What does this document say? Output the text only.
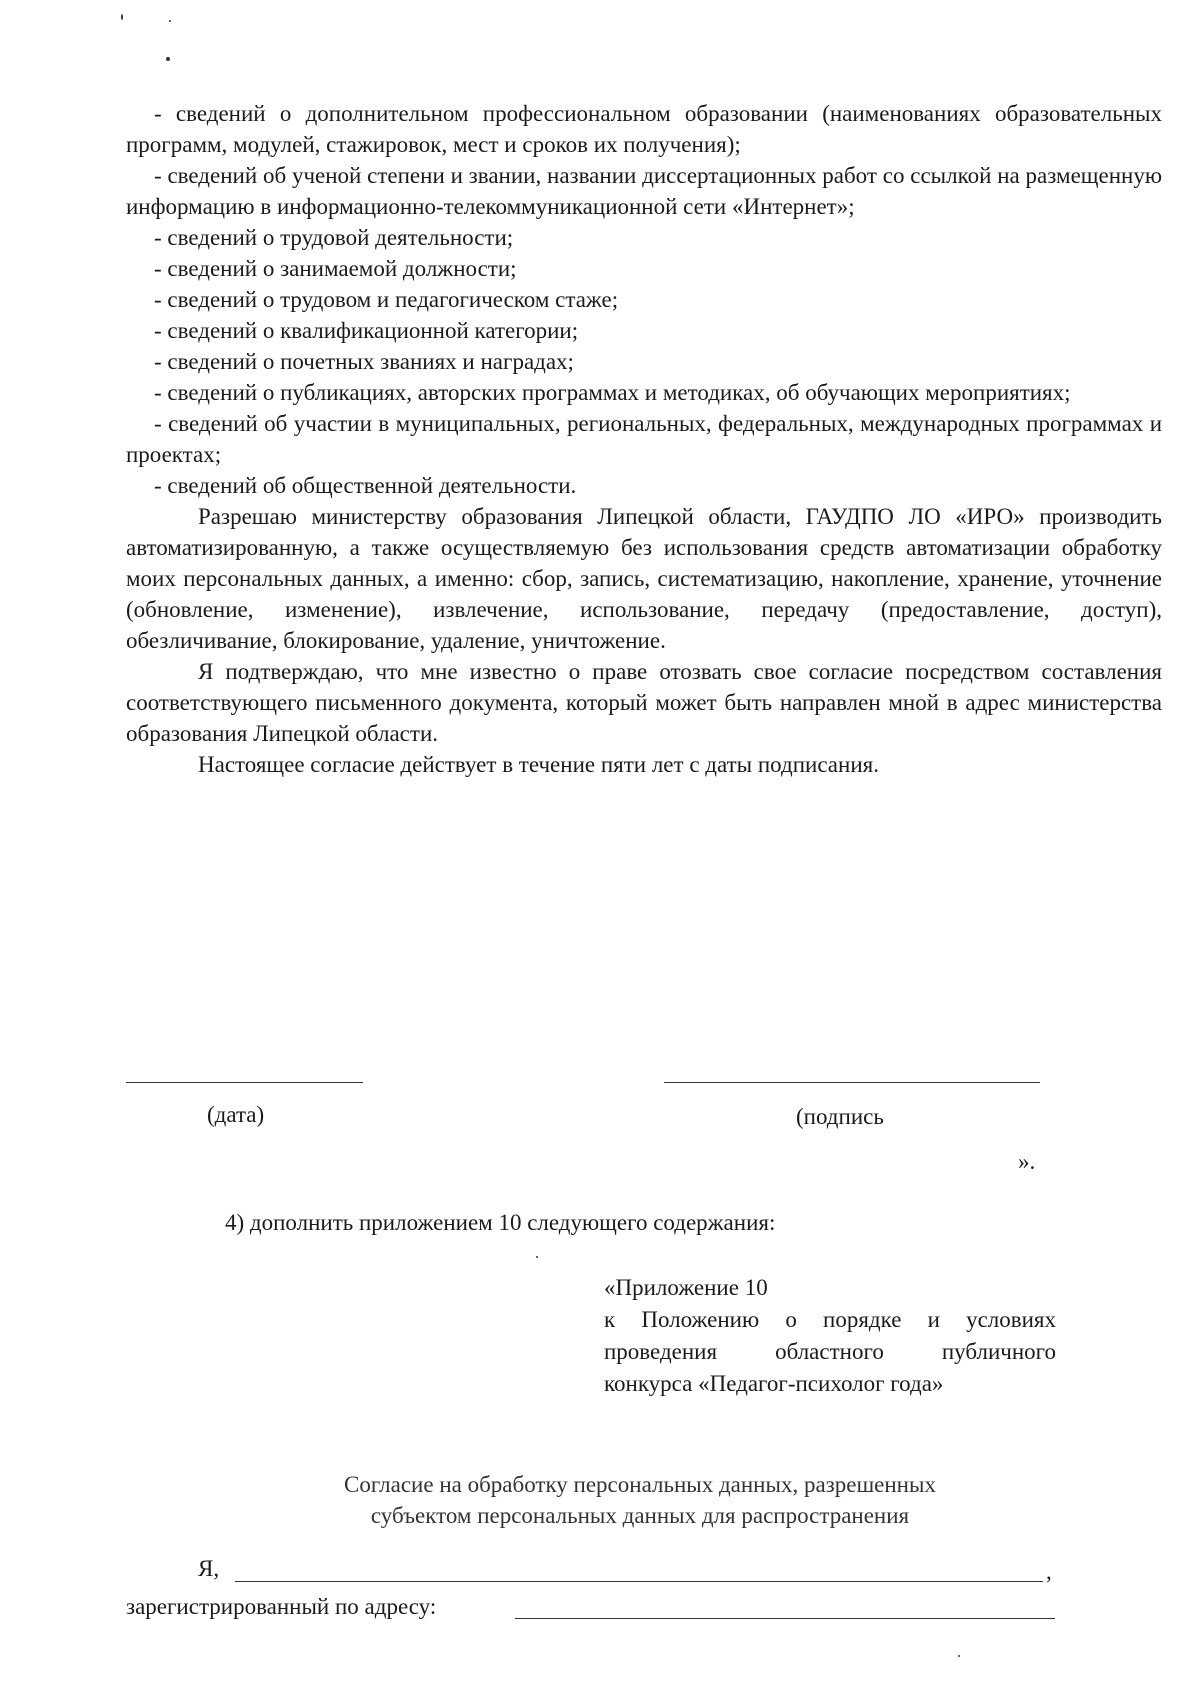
- сведений о дополнительном профессиональном образовании (наименованиях образовательных программ, модулей, стажировок, мест и сроков их получения);

- сведений об ученой степени и звании, названии диссертационных работ со ссылкой на размещенную информацию в информационно-телекоммуникационной сети «Интернет»;

- сведений о трудовой деятельности;

- сведений о занимаемой должности;

- сведений о трудовом и педагогическом стаже;

- сведений о квалификационной категории;

- сведений о почетных званиях и наградах;

- сведений о публикациях, авторских программах и методиках, об обучающих мероприятиях;

- сведений об участии в муниципальных, региональных, федеральных, международных программах и проектах;

- сведений об общественной деятельности.

Разрешаю министерству образования Липецкой области, ГАУДПО ЛО «ИРО» производить автоматизированную, а также осуществляемую без использования средств автоматизации обработку моих персональных данных, а именно: сбор, запись, систематизацию, накопление, хранение, уточнение (обновление, изменение), извлечение, использование, передачу (предоставление, доступ), обезличивание, блокирование, удаление, уничтожение.

Я подтверждаю, что мне известно о праве отозвать свое согласие посредством составления соответствующего письменного документа, который может быть направлен мной в адрес министерства образования Липецкой области.

Настоящее согласие действует в течение пяти лет с даты подписания.

(дата)	(подпись
».
4) дополнить приложением 10 следующего содержания:
«Приложение 10
к Положению о порядке и условиях
проведения областного публичного
конкурса «Педагог-психолог года»
Согласие на обработку персональных данных, разрешенных
субъектом персональных данных для распространения
Я,	,
зарегистрированный по адресу:
